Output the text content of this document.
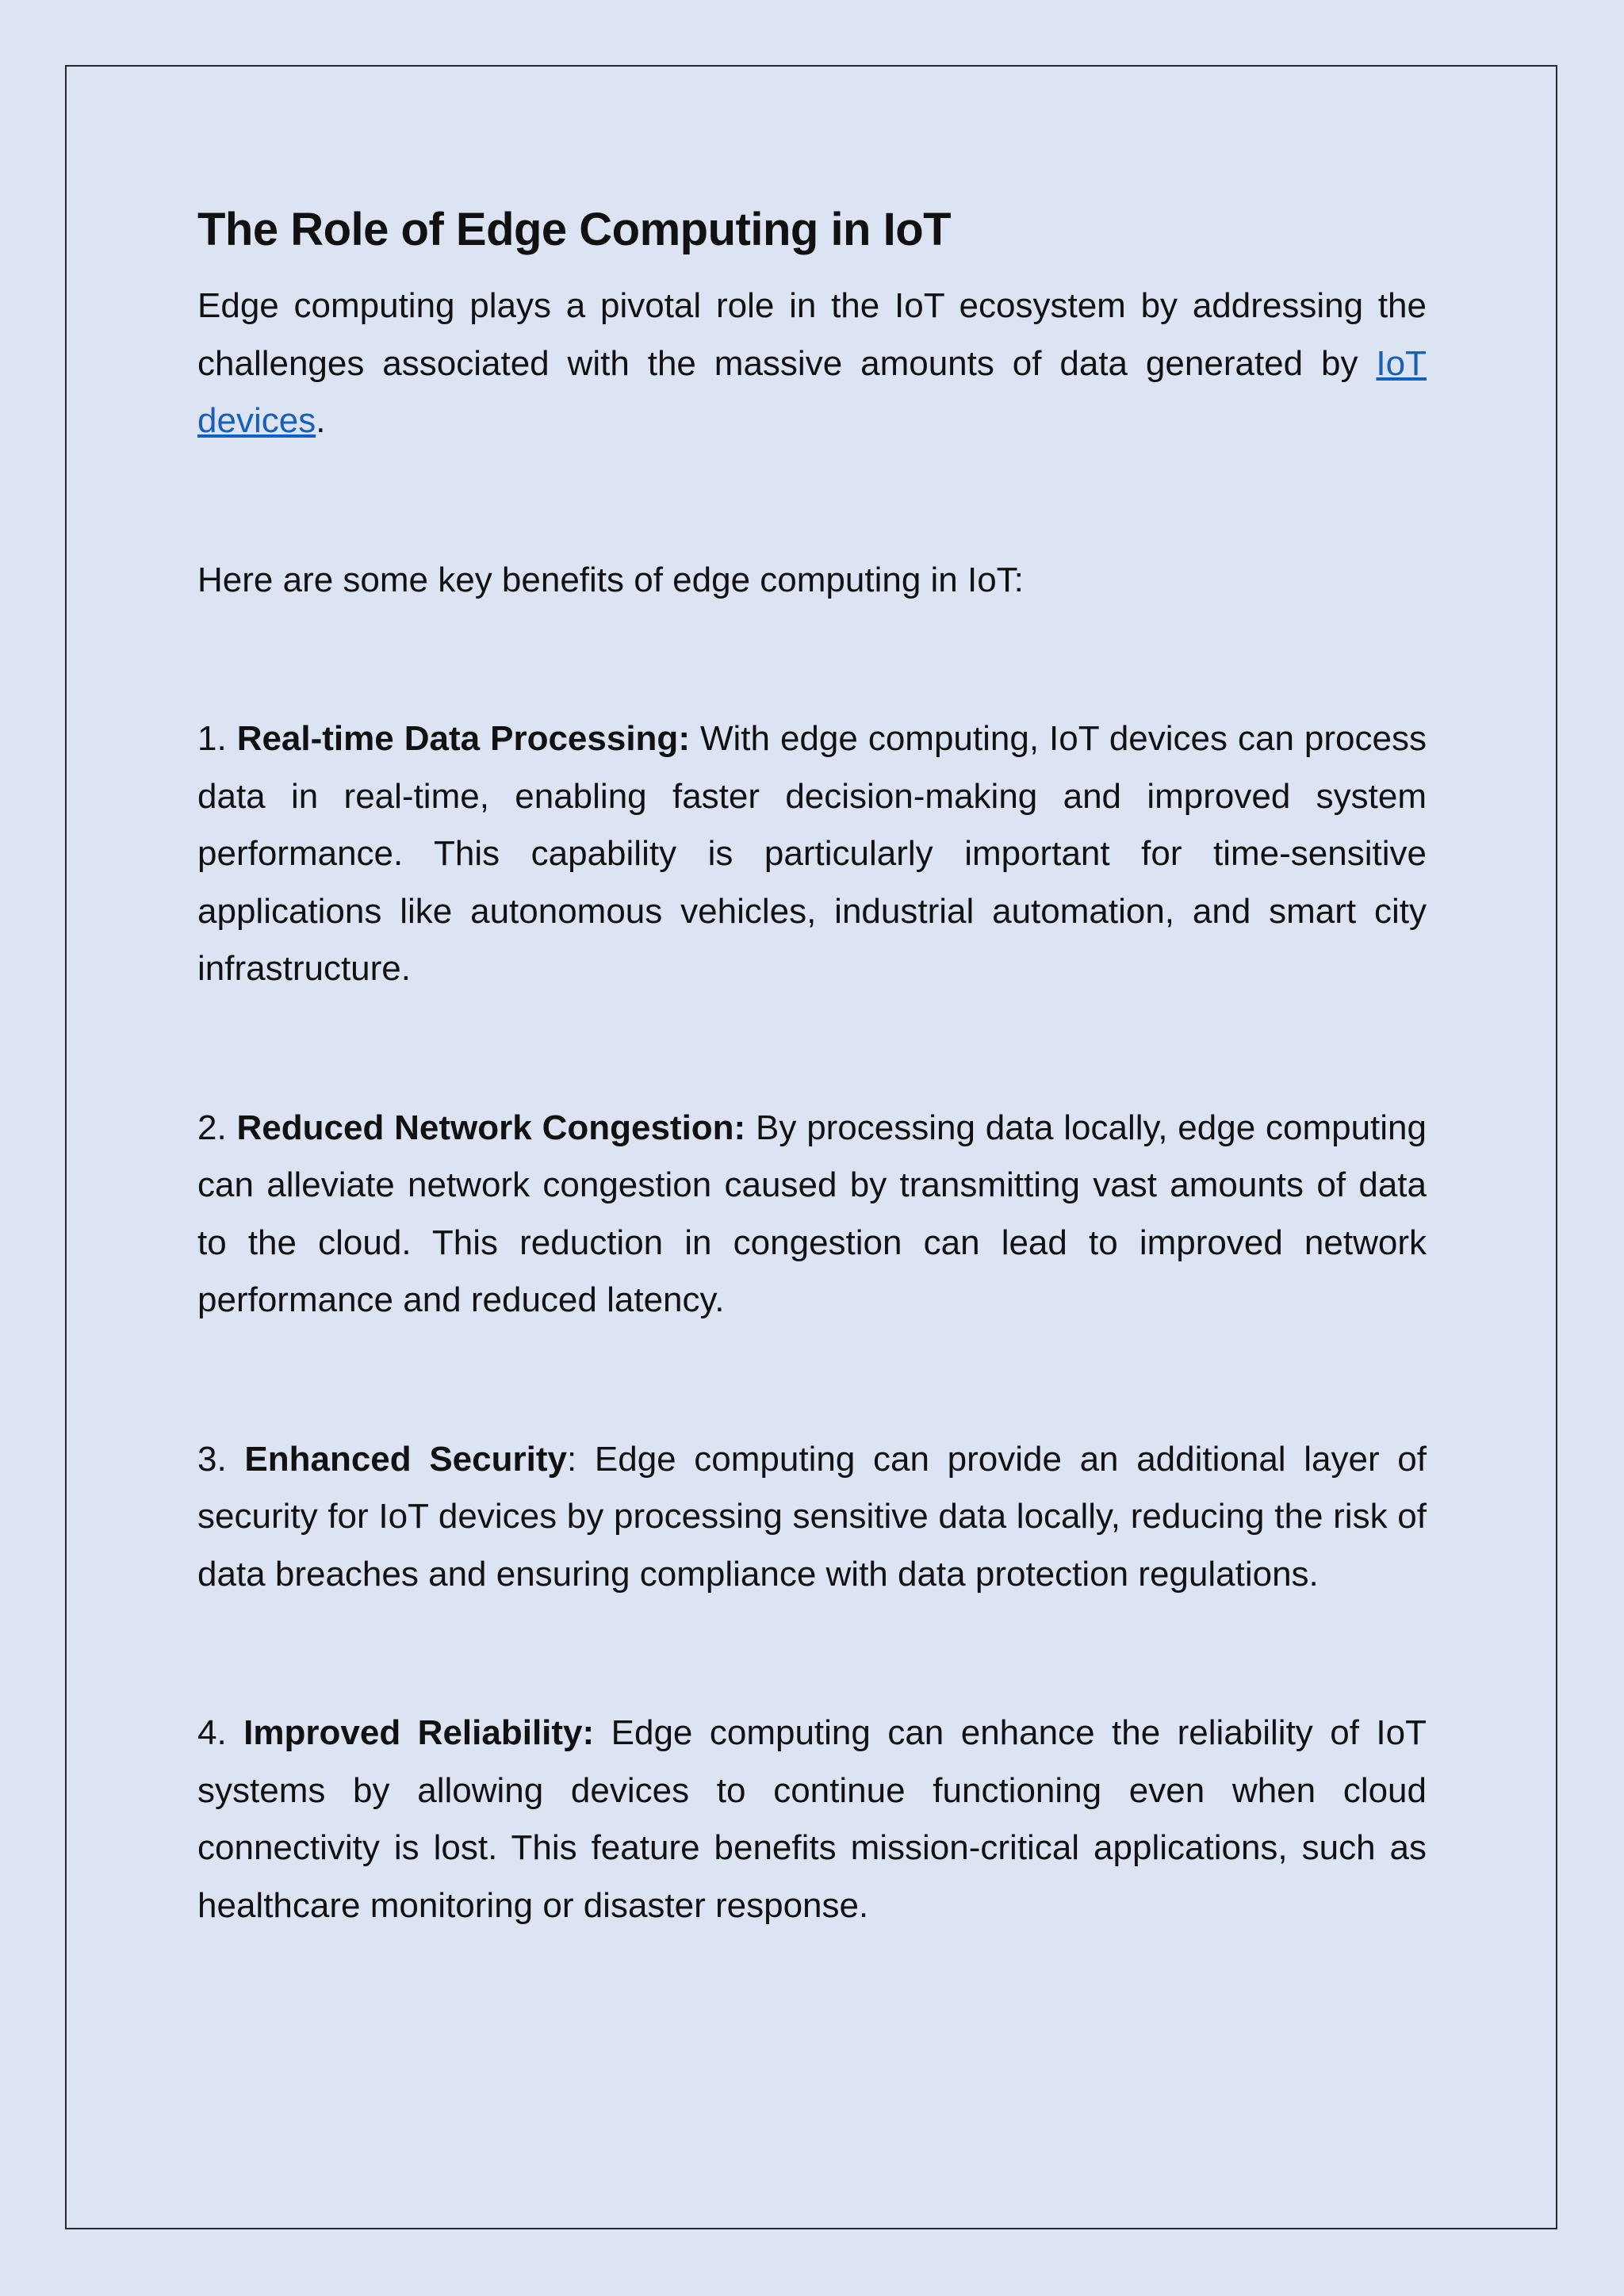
The Role of Edge Computing in IoT

Edge computing plays a pivotal role in the IoT ecosystem by addressing the challenges associated with the massive amounts of data generated by IoT devices.

Here are some key benefits of edge computing in IoT:

1. Real-time Data Processing: With edge computing, IoT devices can process data in real-time, enabling faster decision-making and improved system performance. This capability is particularly important for time-sensitive applications like autonomous vehicles, industrial automation, and smart city infrastructure.

2. Reduced Network Congestion: By processing data locally, edge computing can alleviate network congestion caused by transmitting vast amounts of data to the cloud. This reduction in congestion can lead to improved network performance and reduced latency.

3. Enhanced Security: Edge computing can provide an additional layer of security for IoT devices by processing sensitive data locally, reducing the risk of data breaches and ensuring compliance with data protection regulations.

4. Improved Reliability: Edge computing can enhance the reliability of IoT systems by allowing devices to continue functioning even when cloud connectivity is lost. This feature benefits mission-critical applications, such as healthcare monitoring or disaster response.
